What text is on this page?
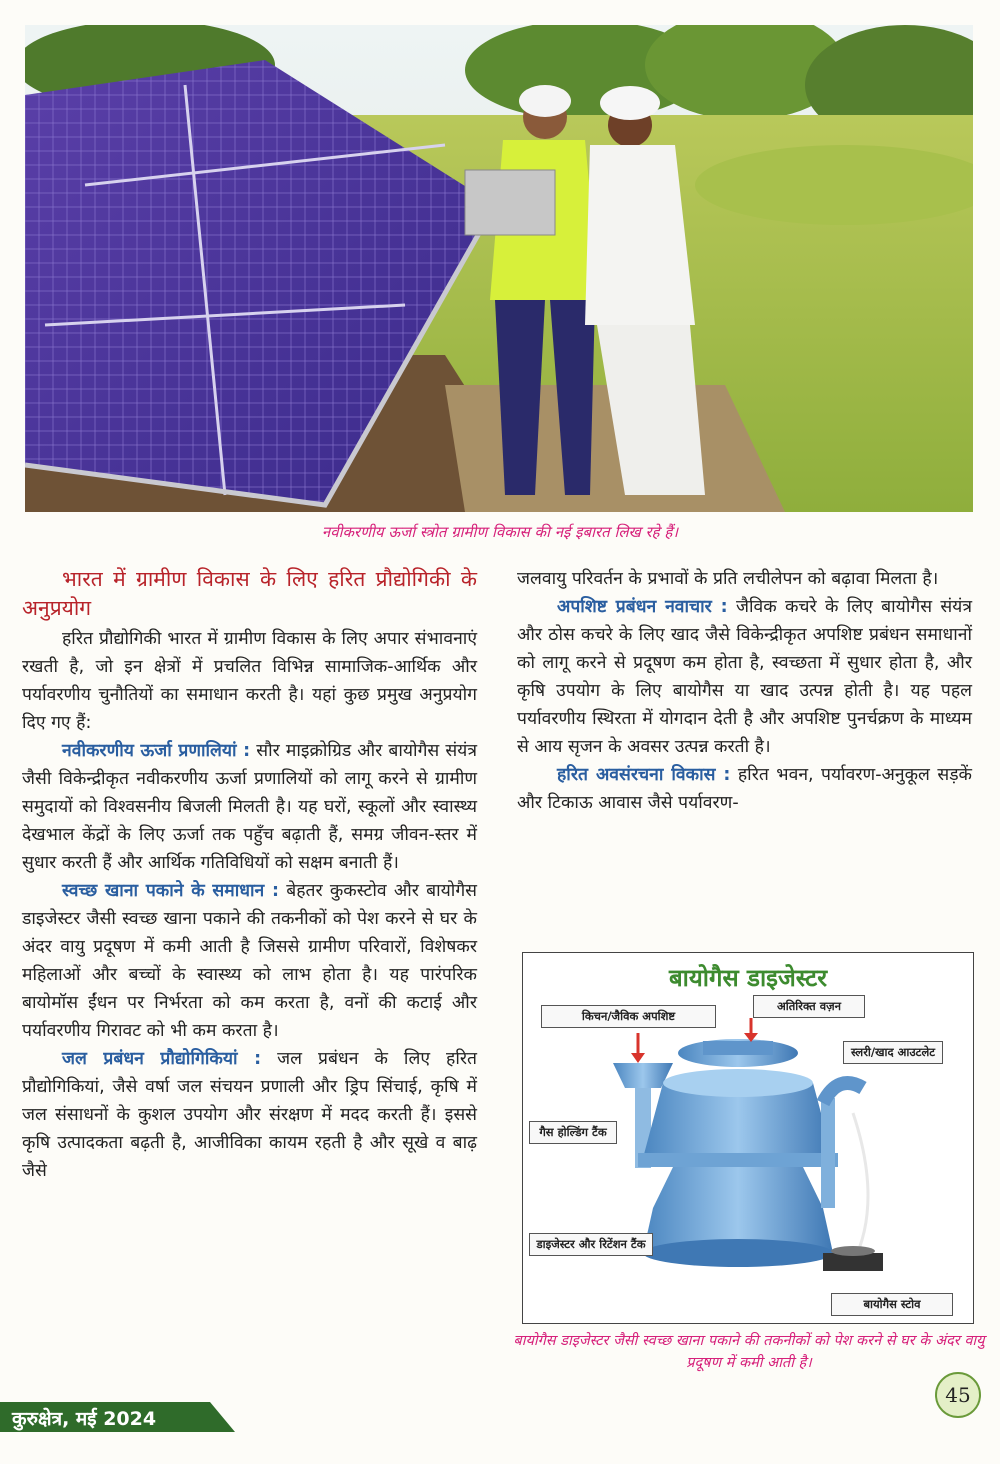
नवीकरणीय ऊर्जा स्त्रोत ग्रामीण विकास की नई इबारत लिख रहे हैं।
भारत में ग्रामीण विकास के लिए हरित प्रौद्योगिकी के अनुप्रयोग

हरित प्रौद्योगिकी भारत में ग्रामीण विकास के लिए अपार संभावनाएं रखती है, जो इन क्षेत्रों में प्रचलित विभिन्न सामाजिक-आर्थिक और पर्यावरणीय चुनौतियों का समाधान करती है। यहां कुछ प्रमुख अनुप्रयोग दिए गए हैं:

नवीकरणीय ऊर्जा प्रणालियां : सौर माइक्रोग्रिड और बायोगैस संयंत्र जैसी विकेन्द्रीकृत नवीकरणीय ऊर्जा प्रणालियों को लागू करने से ग्रामीण समुदायों को विश्वसनीय बिजली मिलती है। यह घरों, स्कूलों और स्वास्थ्य देखभाल केंद्रों के लिए ऊर्जा तक पहुँच बढ़ाती हैं, समग्र जीवन-स्तर में सुधार करती हैं और आर्थिक गतिविधियों को सक्षम बनाती हैं।

स्वच्छ खाना पकाने के समाधान : बेहतर कुकस्टोव और बायोगैस डाइजेस्टर जैसी स्वच्छ खाना पकाने की तकनीकों को पेश करने से घर के अंदर वायु प्रदूषण में कमी आती है जिससे ग्रामीण परिवारों, विशेषकर महिलाओं और बच्चों के स्वास्थ्य को लाभ होता है। यह पारंपरिक बायोमॉस ईंधन पर निर्भरता को कम करता है, वनों की कटाई और पर्यावरणीय गिरावट को भी कम करता है।

जल प्रबंधन प्रौद्योगिकियां : जल प्रबंधन के लिए हरित प्रौद्योगिकियां, जैसे वर्षा जल संचयन प्रणाली और ड्रिप सिंचाई, कृषि में जल संसाधनों के कुशल उपयोग और संरक्षण में मदद करती हैं। इससे कृषि उत्पादकता बढ़ती है, आजीविका कायम रहती है और सूखे व बाढ़ जैसे

जलवायु परिवर्तन के प्रभावों के प्रति लचीलेपन को बढ़ावा मिलता है।

अपशिष्ट प्रबंधन नवाचार : जैविक कचरे के लिए बायोगैस संयंत्र और ठोस कचरे के लिए खाद जैसे विकेन्द्रीकृत अपशिष्ट प्रबंधन समाधानों को लागू करने से प्रदूषण कम होता है, स्वच्छता में सुधार होता है, और कृषि उपयोग के लिए बायोगैस या खाद उत्पन्न होती है। यह पहल पर्यावरणीय स्थिरता में योगदान देती है और अपशिष्ट पुनर्चक्रण के माध्यम से आय सृजन के अवसर उत्पन्न करती है।

हरित अवसंरचना विकास : हरित भवन, पर्यावरण-अनुकूल सड़कें और टिकाऊ आवास जैसे पर्यावरण-

बायोगैस डाइजेस्टर
किचन/जैविक अपशिष्ट
अतिरिक्त वज़न
स्लरी/खाद आउटलेट
गैस होल्डिंग टैंक
डाइजेस्टर और रिटेंशन टैंक
बायोगैस स्टोव
बायोगैस डाइजेस्टर जैसी स्वच्छ खाना पकाने की तकनीकों को पेश करने से घर के अंदर वायु प्रदूषण में कमी आती है।
कुरुक्षेत्र, मई 2024
45
